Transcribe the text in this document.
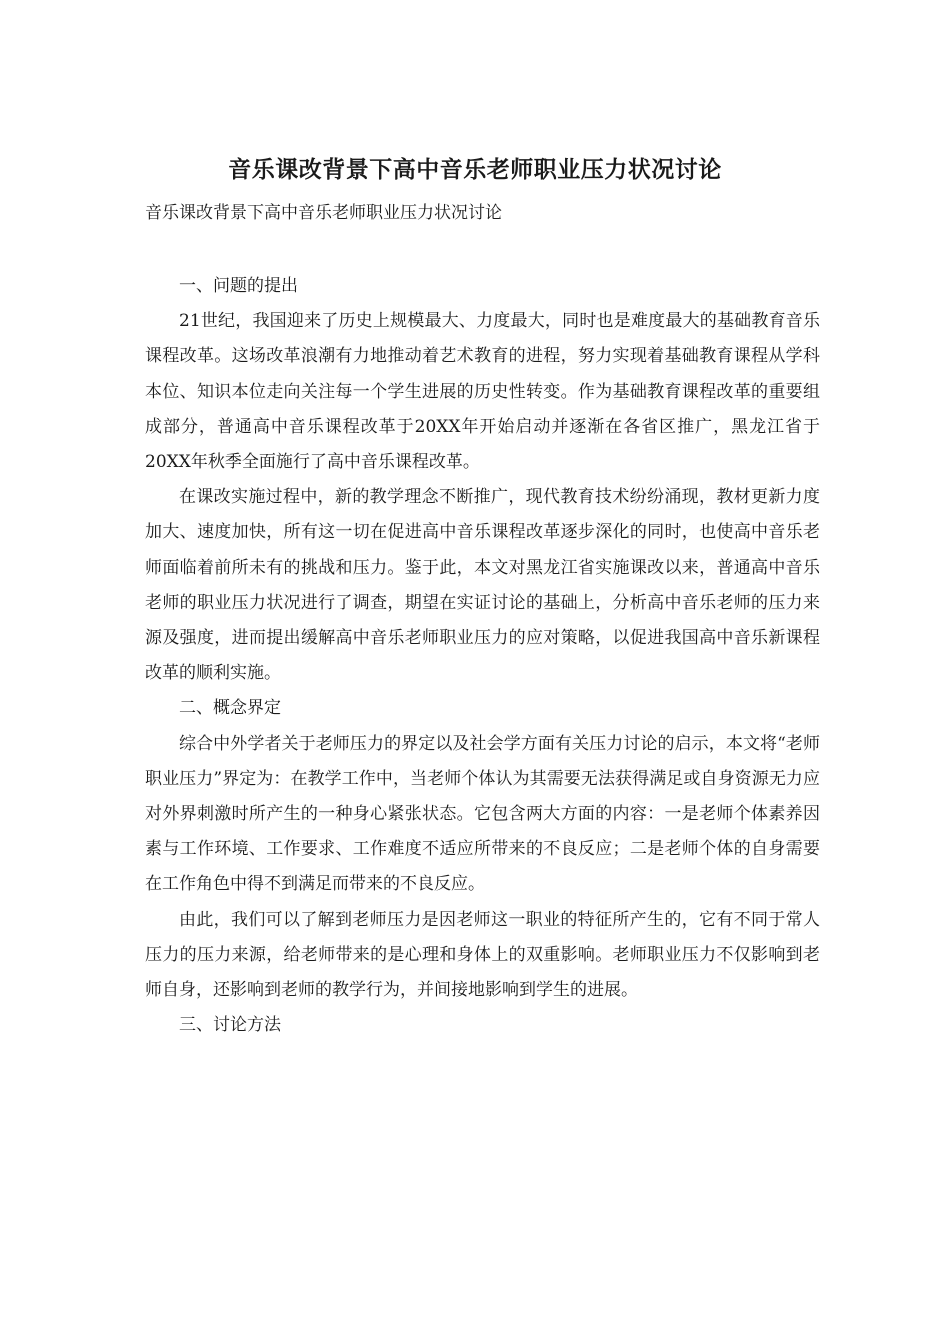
音乐课改背景下高中音乐老师职业压力状况讨论

音乐课改背景下高中音乐老师职业压力状况讨论

一、问题的提出

21世纪，我国迎来了历史上规模最大、力度最大，同时也是难度最大的基础教育音乐课程改革。这场改革浪潮有力地推动着艺术教育的进程，努力实现着基础教育课程从学科本位、知识本位走向关注每一个学生进展的历史性转变。作为基础教育课程改革的重要组成部分，普通高中音乐课程改革于20XX年开始启动并逐渐在各省区推广，黑龙江省于20XX年秋季全面施行了高中音乐课程改革。

在课改实施过程中，新的教学理念不断推广，现代教育技术纷纷涌现，教材更新力度加大、速度加快，所有这一切在促进高中音乐课程改革逐步深化的同时，也使高中音乐老师面临着前所未有的挑战和压力。鉴于此，本文对黑龙江省实施课改以来，普通高中音乐老师的职业压力状况进行了调查，期望在实证讨论的基础上，分析高中音乐老师的压力来源及强度，进而提出缓解高中音乐老师职业压力的应对策略，以促进我国高中音乐新课程改革的顺利实施。

二、概念界定

综合中外学者关于老师压力的界定以及社会学方面有关压力讨论的启示，本文将“老师职业压力”界定为：在教学工作中，当老师个体认为其需要无法获得满足或自身资源无力应对外界刺激时所产生的一种身心紧张状态。它包含两大方面的内容：一是老师个体素养因素与工作环境、工作要求、工作难度不适应所带来的不良反应；二是老师个体的自身需要在工作角色中得不到满足而带来的不良反应。

由此，我们可以了解到老师压力是因老师这一职业的特征所产生的，它有不同于常人压力的压力来源，给老师带来的是心理和身体上的双重影响。老师职业压力不仅影响到老师自身，还影响到老师的教学行为，并间接地影响到学生的进展。

三、讨论方法
